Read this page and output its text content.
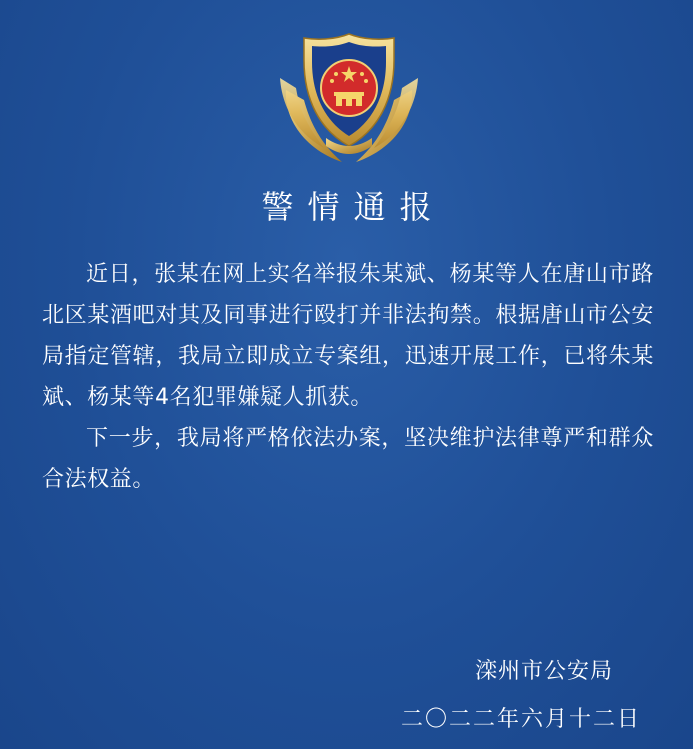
警情通报

近日，张某在网上实名举报朱某斌、杨某等人在唐山市路北区某酒吧对其及同事进行殴打并非法拘禁。根据唐山市公安局指定管辖，我局立即成立专案组，迅速开展工作，已将朱某斌、杨某等4名犯罪嫌疑人抓获。

下一步，我局将严格依法办案，坚决维护法律尊严和群众合法权益。

滦州市公安局
二〇二二年六月十二日
